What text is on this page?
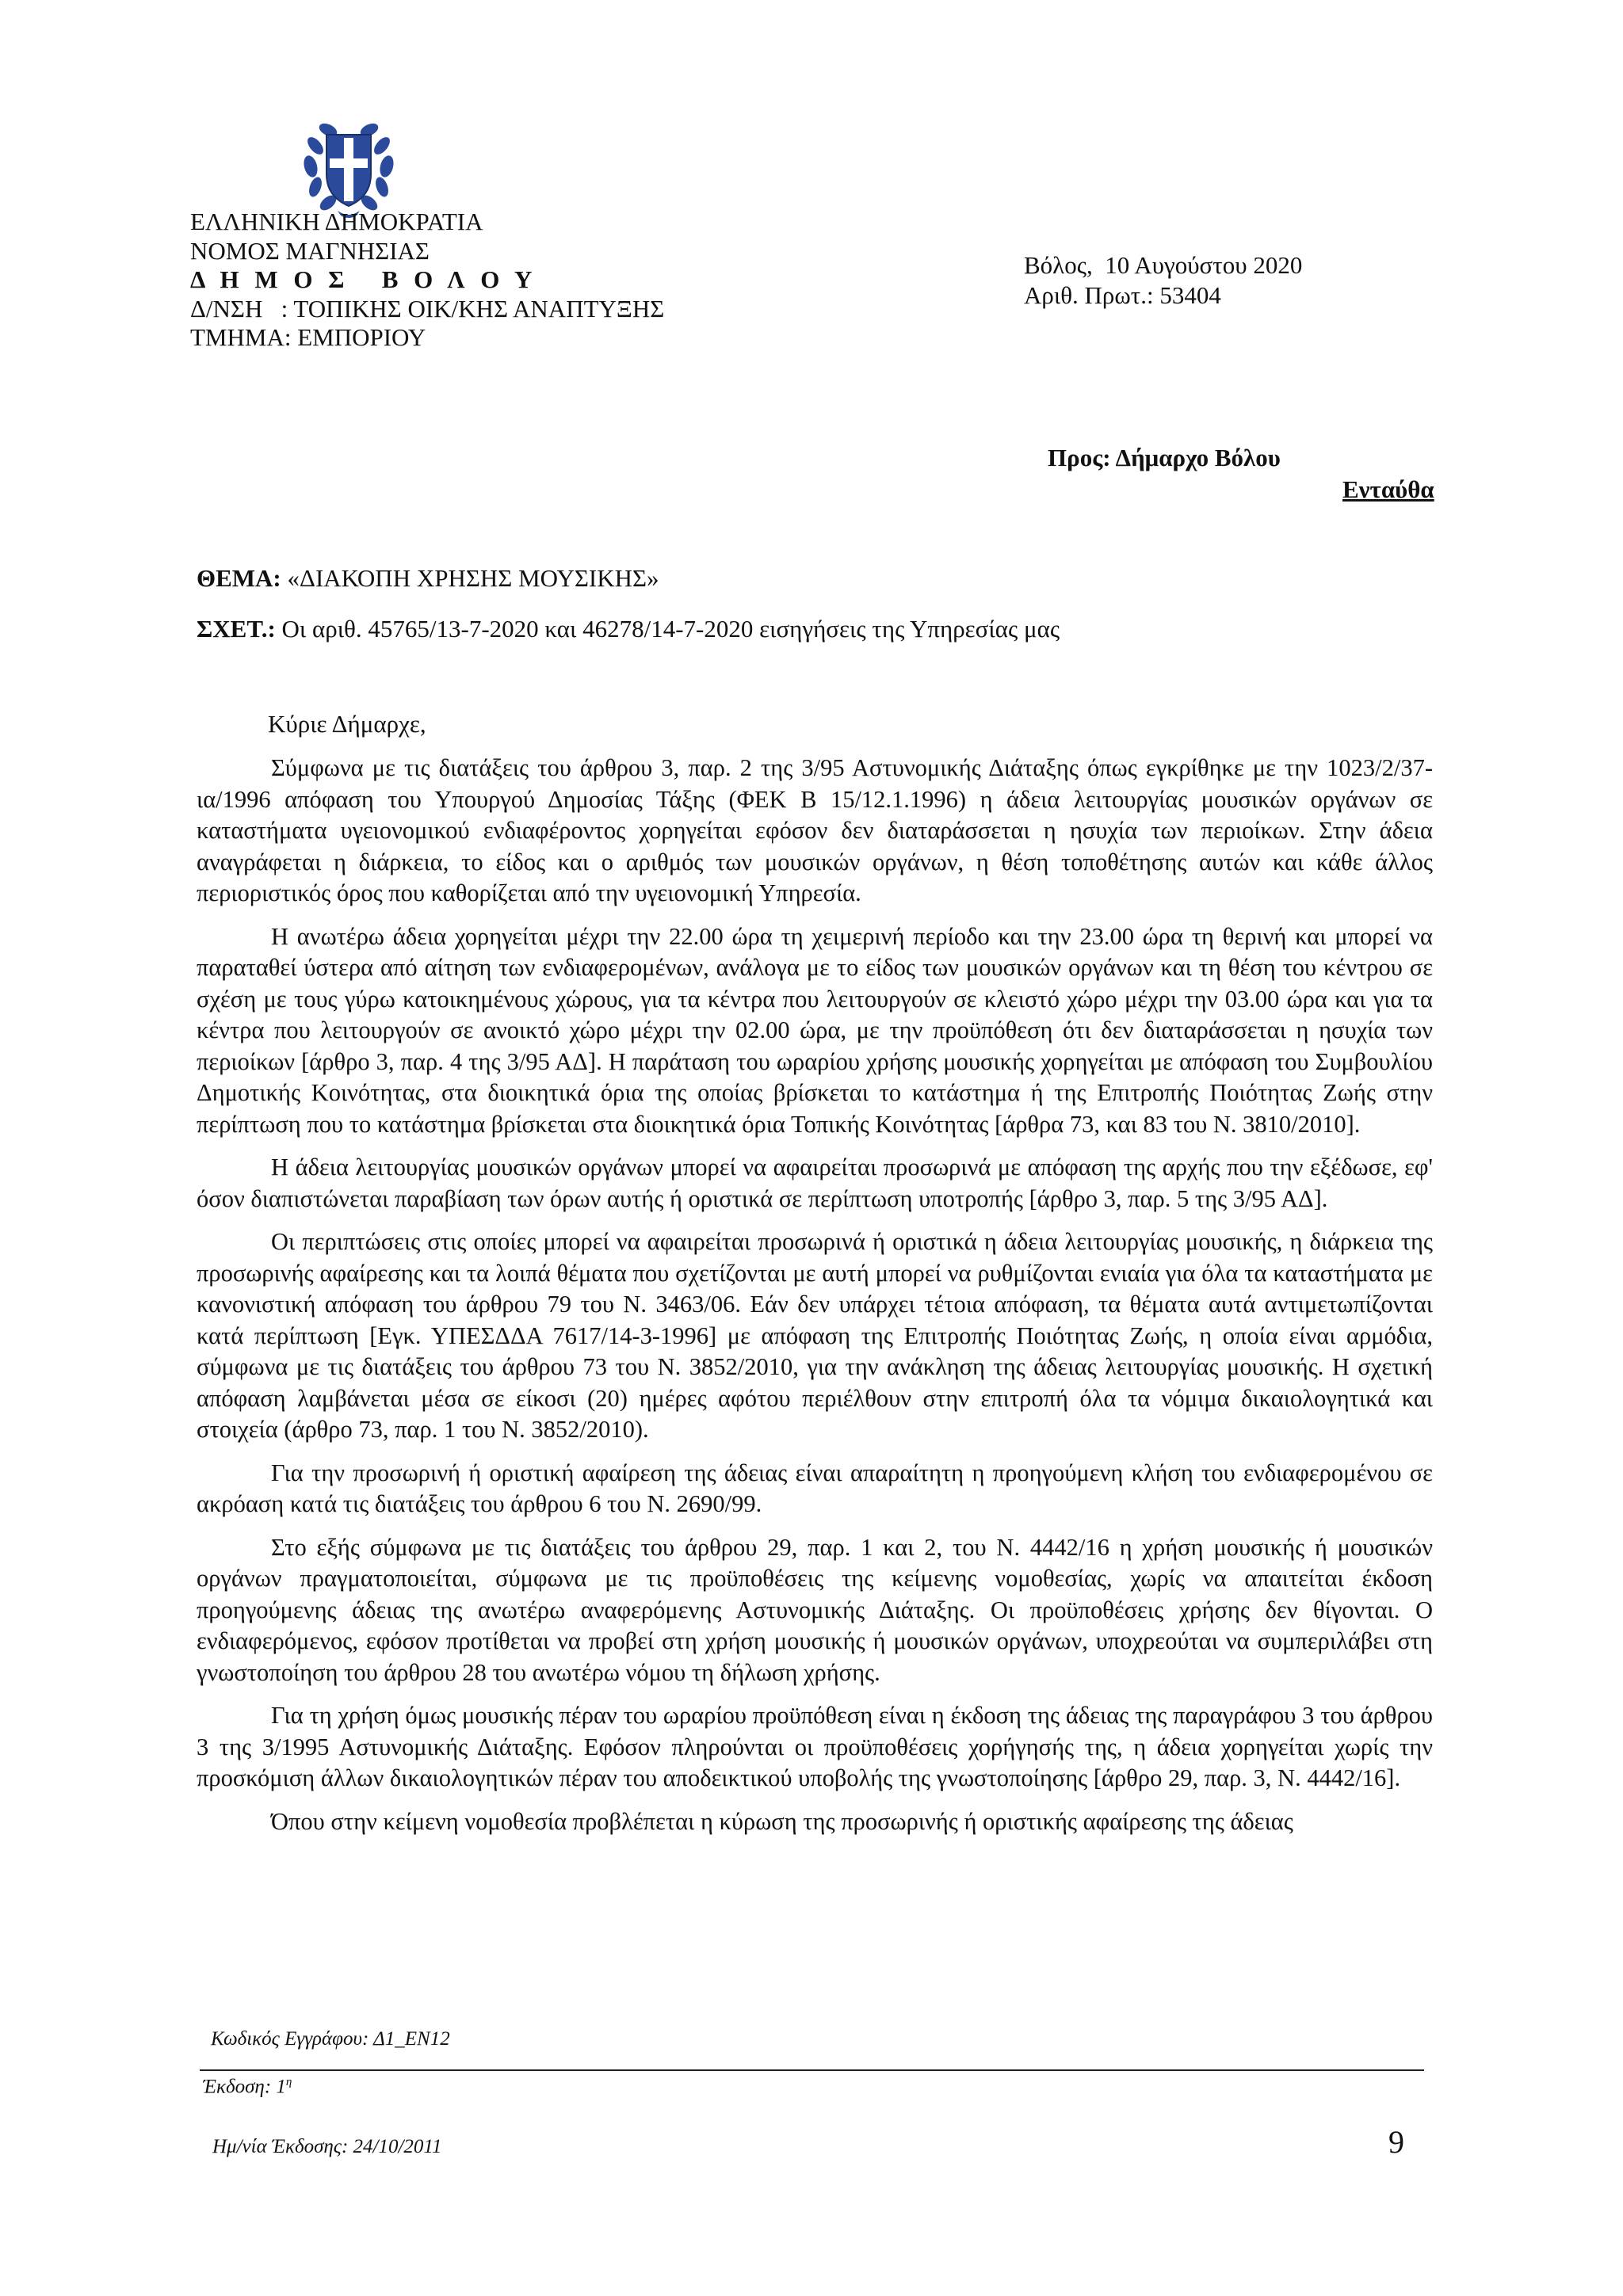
ΕΛΛΗΝΙΚΗ ΔΗΜΟΚΡΑΤΙΑ
ΝΟΜΟΣ ΜΑΓΝΗΣΙΑΣ
Δ Η Μ Ο Σ   Β Ο Λ Ο Υ
Δ/ΝΣΗ   : ΤΟΠΙΚΗΣ ΟΙΚ/ΚΗΣ ΑΝΑΠΤΥΞΗΣ
ΤΜΗΜΑ: ΕΜΠΟΡΙΟΥ
Βόλος,  10 Αυγούστου 2020
Αριθ. Πρωτ.: 53404
Προς: Δήμαρχο Βόλου
Ενταύθα
ΘΕΜΑ: «ΔΙΑΚΟΠΗ ΧΡΗΣΗΣ ΜΟΥΣΙΚΗΣ»
ΣΧΕΤ.: Οι αριθ. 45765/13-7-2020 και 46278/14-7-2020 εισηγήσεις της Υπηρεσίας μας
Κύριε Δήμαρχε,

Σύμφωνα με τις διατάξεις του άρθρου 3, παρ. 2 της 3/95 Αστυνομικής Διάταξης όπως εγκρίθηκε με την 1023/2/37-ια/1996 απόφαση του Υπουργού Δημοσίας Τάξης (ΦΕΚ Β 15/12.1.1996) η άδεια λειτουργίας μουσικών οργάνων σε καταστήματα υγειονομικού ενδιαφέροντος χορηγείται εφόσον δεν διαταράσσεται η ησυχία των περιοίκων. Στην άδεια αναγράφεται η διάρκεια, το είδος και ο αριθμός των μουσικών οργάνων, η θέση τοποθέτησης αυτών και κάθε άλλος περιοριστικός όρος που καθορίζεται από την υγειονομική Υπηρεσία.

Η ανωτέρω άδεια χορηγείται μέχρι την 22.00 ώρα τη χειμερινή περίοδο και την 23.00 ώρα τη θερινή και μπορεί να παραταθεί ύστερα από αίτηση των ενδιαφερομένων, ανάλογα με το είδος των μουσικών οργάνων και τη θέση του κέντρου σε σχέση με τους γύρω κατοικημένους χώρους, για τα κέντρα που λειτουργούν σε κλειστό χώρο μέχρι την 03.00 ώρα και για τα κέντρα που λειτουργούν σε ανοικτό χώρο μέχρι την 02.00 ώρα, με την προϋπόθεση ότι δεν διαταράσσεται η ησυχία των περιοίκων [άρθρο 3, παρ. 4 της 3/95 ΑΔ]. Η παράταση του ωραρίου χρήσης μουσικής χορηγείται με απόφαση του Συμβουλίου Δημοτικής Κοινότητας, στα διοικητικά όρια της οποίας βρίσκεται το κατάστημα ή της Επιτροπής Ποιότητας Ζωής στην περίπτωση που το κατάστημα βρίσκεται στα διοικητικά όρια Τοπικής Κοινότητας [άρθρα 73, και 83 του Ν. 3810/2010].

Η άδεια λειτουργίας μουσικών οργάνων μπορεί να αφαιρείται προσωρινά με απόφαση της αρχής που την εξέδωσε, εφ' όσον διαπιστώνεται παραβίαση των όρων αυτής ή οριστικά σε περίπτωση υποτροπής [άρθρο 3, παρ. 5 της 3/95 ΑΔ].

Οι περιπτώσεις στις οποίες μπορεί να αφαιρείται προσωρινά ή οριστικά η άδεια λειτουργίας μουσικής, η διάρκεια της προσωρινής αφαίρεσης και τα λοιπά θέματα που σχετίζονται με αυτή μπορεί να ρυθμίζονται ενιαία για όλα τα καταστήματα με κανονιστική απόφαση του άρθρου 79 του Ν. 3463/06. Εάν δεν υπάρχει τέτοια απόφαση, τα θέματα αυτά αντιμετωπίζονται κατά περίπτωση [Εγκ. ΥΠΕΣΔΔΑ 7617/14-3-1996] με απόφαση της Επιτροπής Ποιότητας Ζωής, η οποία είναι αρμόδια, σύμφωνα με τις διατάξεις του άρθρου 73 του Ν. 3852/2010, για την ανάκληση της άδειας λειτουργίας μουσικής. Η σχετική απόφαση λαμβάνεται μέσα σε είκοσι (20) ημέρες αφότου περιέλθουν στην επιτροπή όλα τα νόμιμα δικαιολογητικά και στοιχεία (άρθρο 73, παρ. 1 του Ν. 3852/2010).

Για την προσωρινή ή οριστική αφαίρεση της άδειας είναι απαραίτητη η προηγούμενη κλήση του ενδιαφερομένου σε ακρόαση κατά τις διατάξεις του άρθρου 6 του Ν. 2690/99.

Στο εξής σύμφωνα με τις διατάξεις του άρθρου 29, παρ. 1 και 2, του Ν. 4442/16 η χρήση μουσικής ή μουσικών οργάνων πραγματοποιείται, σύμφωνα με τις προϋποθέσεις της κείμενης νομοθεσίας, χωρίς να απαιτείται έκδοση προηγούμενης άδειας της ανωτέρω αναφερόμενης Αστυνομικής Διάταξης. Οι προϋποθέσεις χρήσης δεν θίγονται. Ο ενδιαφερόμενος, εφόσον προτίθεται να προβεί στη χρήση μουσικής ή μουσικών οργάνων, υποχρεούται να συμπεριλάβει στη γνωστοποίηση του άρθρου 28 του ανωτέρω νόμου τη δήλωση χρήσης.

Για τη χρήση όμως μουσικής πέραν του ωραρίου προϋπόθεση είναι η έκδοση της άδειας της παραγράφου 3 του άρθρου 3 της 3/1995 Αστυνομικής Διάταξης. Εφόσον πληρούνται οι προϋποθέσεις χορήγησής της, η άδεια χορηγείται χωρίς την προσκόμιση άλλων δικαιολογητικών πέραν του αποδεικτικού υποβολής της γνωστοποίησης [άρθρο 29, παρ. 3, Ν. 4442/16].

Όπου στην κείμενη νομοθεσία προβλέπεται η κύρωση της προσωρινής ή οριστικής αφαίρεσης της άδειας

Κωδικός Εγγράφου: Δ1_ΕΝ12
Έκδοση: $1^\eta$
Ημ/νία Έκδοσης: 24/10/2011	9
